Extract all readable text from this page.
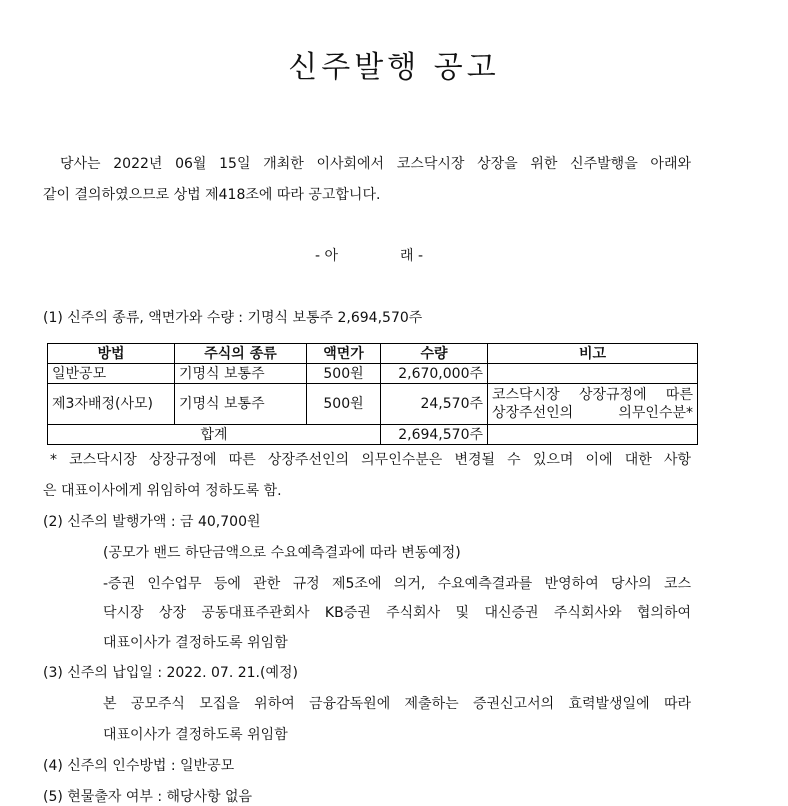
신주발행 공고
당사는 2022년 06월 15일 개최한 이사회에서 코스닥시장 상장을 위한 신주발행을 아래와
같이 결의하였으므로 상법 제418조에 따라 공고합니다.
- 아	래 -
(1) 신주의 종류, 액면가와 수량 : 기명식 보통주 2,694,570주
방법	주식의 종류	액면가	수량	비고
일반공모	기명식 보통주	500원	2,670,000주	
제3자배정(사모)	기명식 보통주	500원	24,570주	코스닥시장 상장규정에 따른
상장주선인의 의무인수분*

합계			2,694,570주	
* 코스닥시장 상장규정에 따른 상장주선인의 의무인수분은 변경될 수 있으며 이에 대한 사항
은 대표이사에게 위임하여 정하도록 함.
(2) 신주의 발행가액 : 금 40,700원
(공모가 밴드 하단금액으로 수요예측결과에 따라 변동예정)
-증권 인수업무 등에 관한 규정 제5조에 의거, 수요예측결과를 반영하여 당사의 코스
닥시장 상장 공동대표주관회사 KB증권 주식회사 및 대신증권 주식회사와 협의하여
대표이사가 결정하도록 위임함
(3) 신주의 납입일 : 2022. 07. 21.(예정)
본 공모주식 모집을 위하여 금융감독원에 제출하는 증권신고서의 효력발생일에 따라
대표이사가 결정하도록 위임함
(4) 신주의 인수방법 : 일반공모
(5) 현물출자 여부 : 해당사항 없음
